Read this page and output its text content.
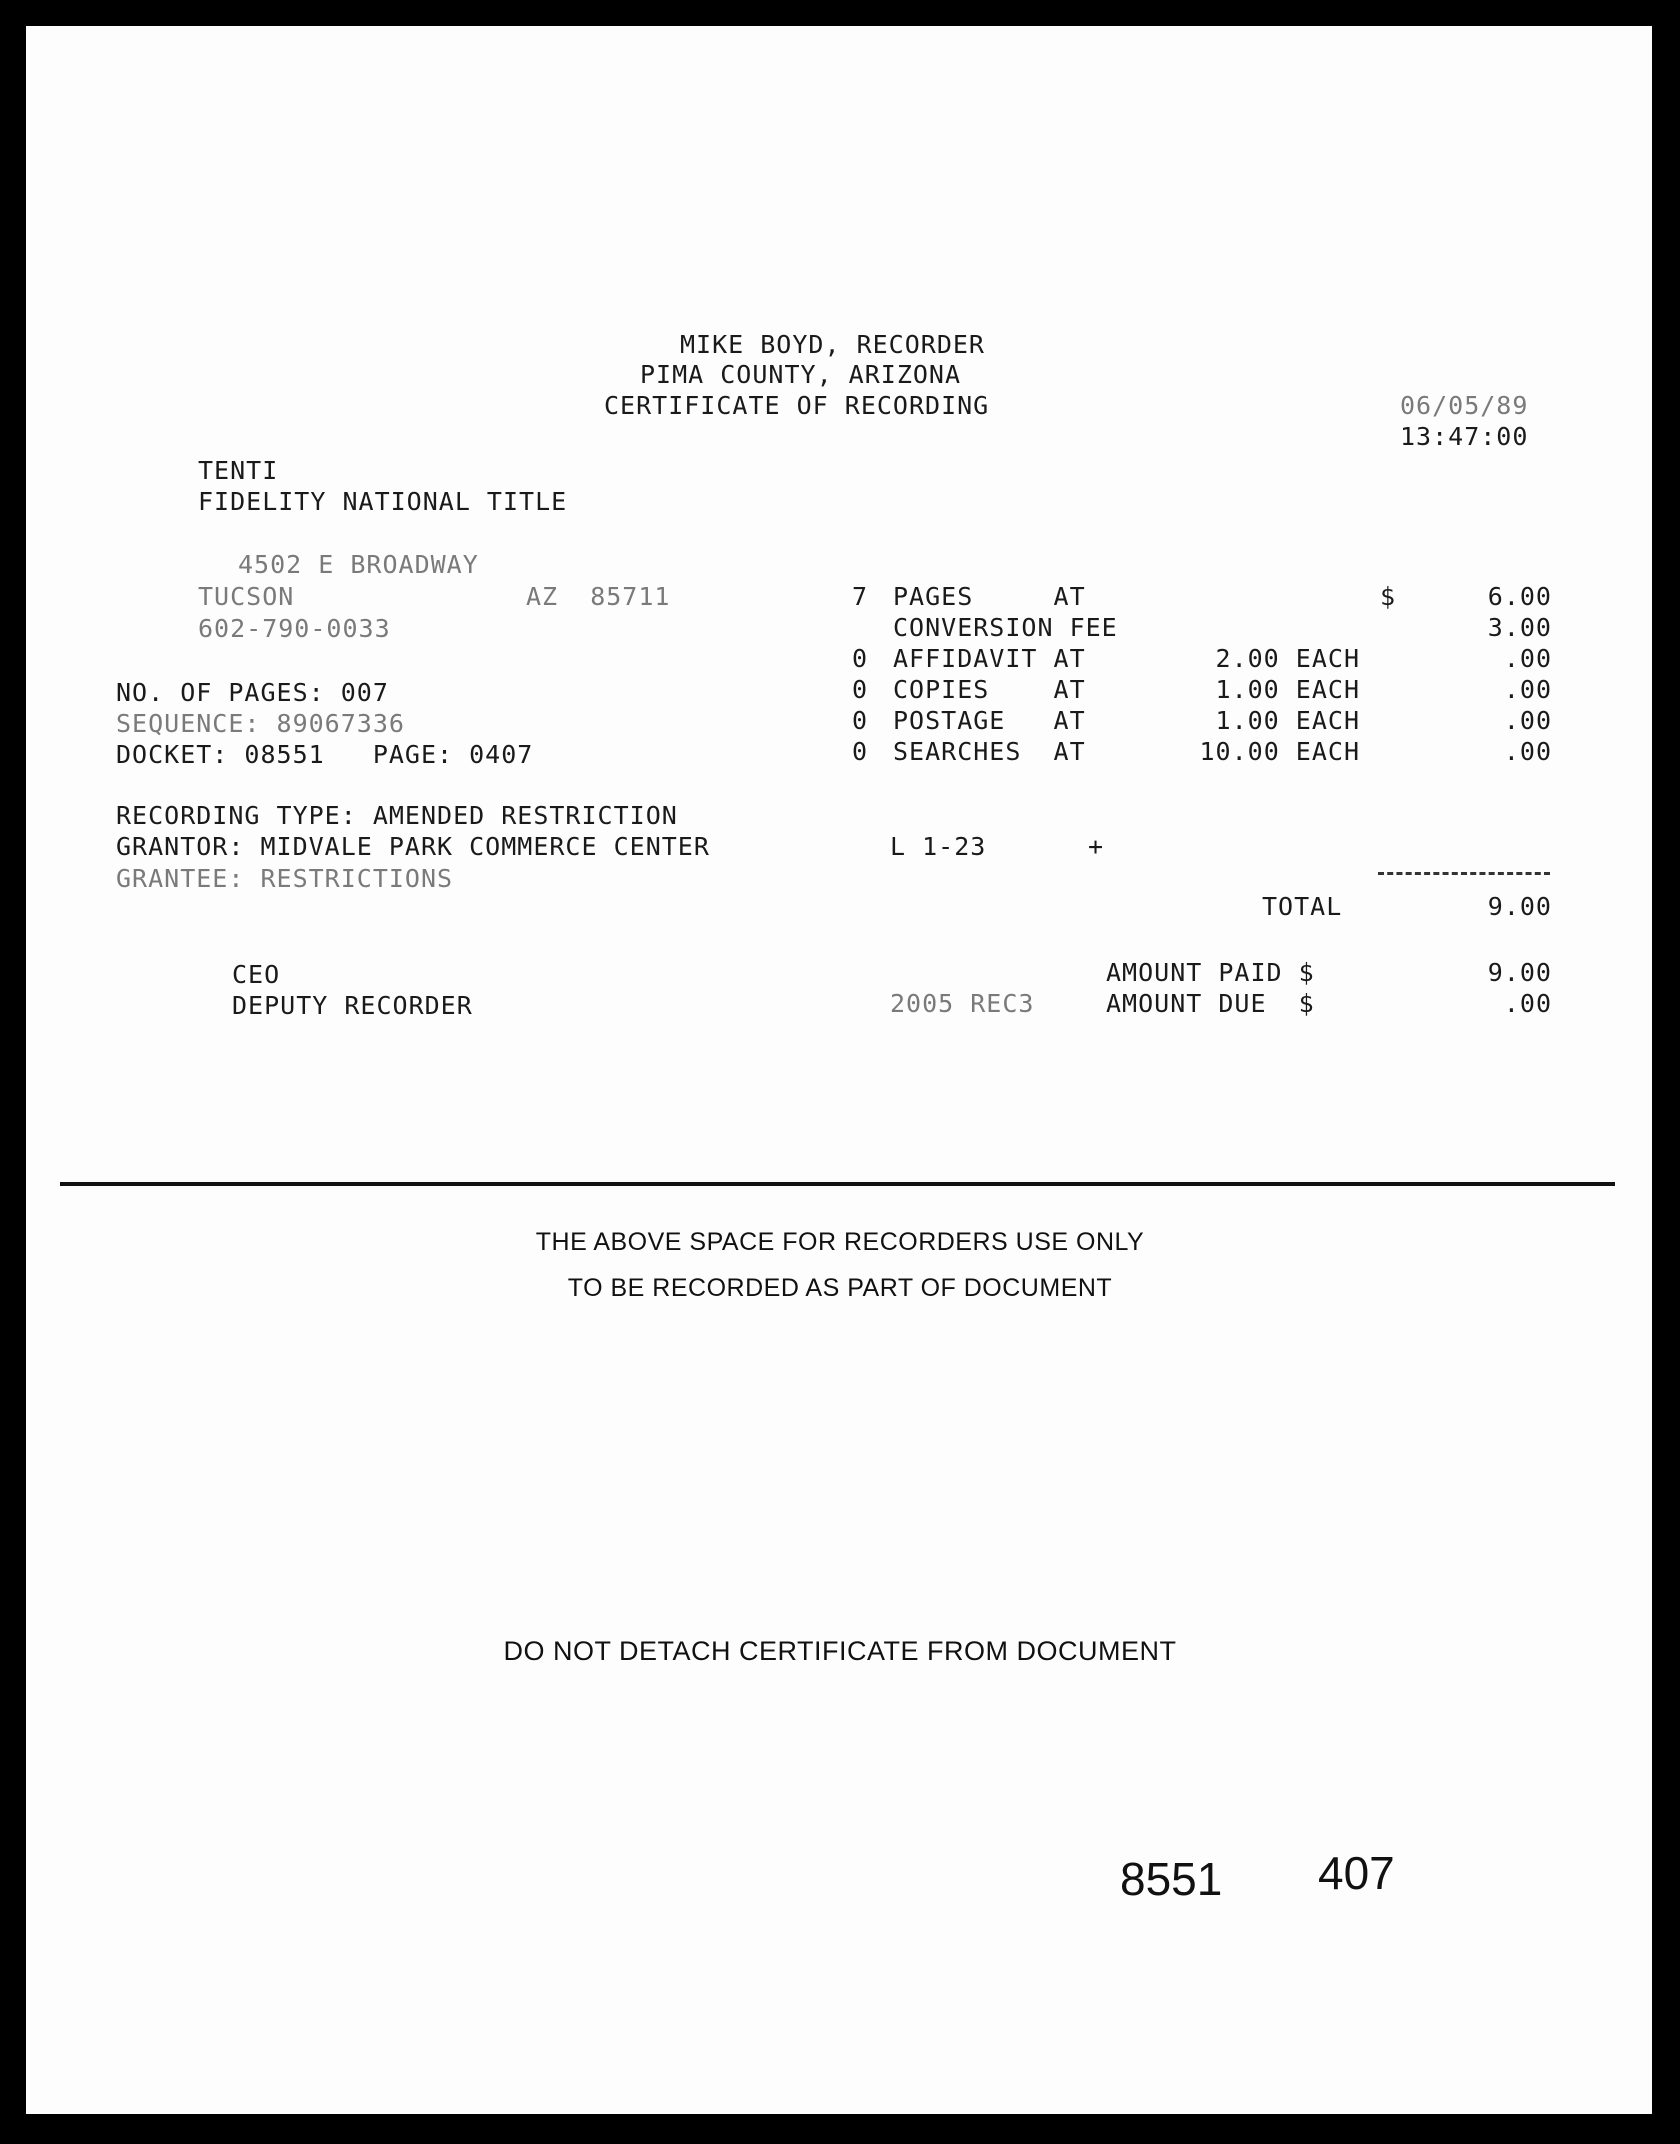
MIKE BOYD, RECORDER
PIMA COUNTY, ARIZONA
CERTIFICATE OF RECORDING	06/05/89
13:47:00
TENTI
FIDELITY NATIONAL TITLE
4502 E BROADWAY
TUCSON	AZ  85711
602-790-0033
NO. OF PAGES: 007
SEQUENCE: 89067336
DOCKET: 08551   PAGE: 0407
7 PAGES     AT	$	6.00
CONVERSION FEE	3.00
0 AFFIDAVIT AT	2.00 EACH	.00
0 COPIES    AT	1.00 EACH	.00
0 POSTAGE   AT	1.00 EACH	.00
0 SEARCHES  AT	10.00 EACH	.00
RECORDING TYPE: AMENDED RESTRICTION
GRANTOR: MIDVALE PARK COMMERCE CENTER	L 1-23	+
GRANTEE: RESTRICTIONS
TOTAL	9.00
CEO	AMOUNT PAID $	9.00
DEPUTY RECORDER	2005 REC3	AMOUNT DUE  $	.00
THE ABOVE SPACE FOR RECORDERS USE ONLY
TO BE RECORDED AS PART OF DOCUMENT
DO NOT DETACH CERTIFICATE FROM DOCUMENT
8551 407
